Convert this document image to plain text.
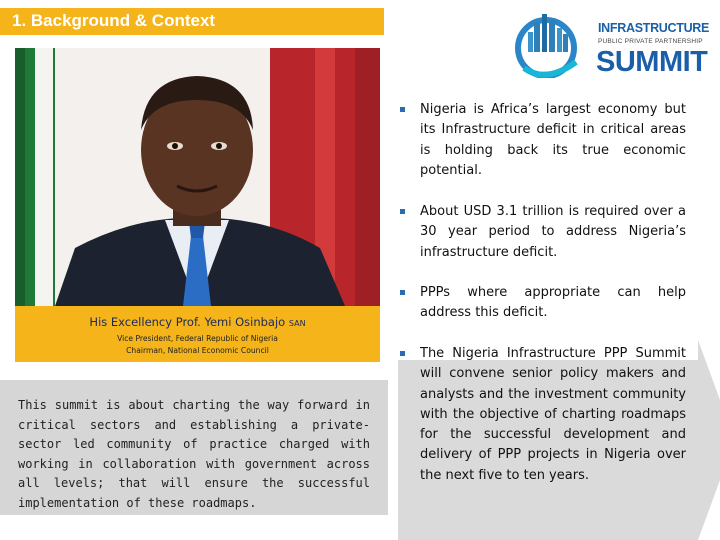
1. Background & Context	INFRASTRUCTURE
PUBLIC PRIVATE PARTNERSHIP
SUMMIT
His Excellency Prof. Yemi Osinbajo SAN
Vice President, Federal Republic of Nigeria
Chairman, National Economic Council
This summit is about charting the way forward in critical sectors and establishing a private-sector led community of practice charged with working in collaboration with government across all levels; that will ensure the successful implementation of these roadmaps.
Nigeria is Africa’s largest economy but its Infrastructure deficit in critical areas is holding back its true economic potential.
About USD 3.1 trillion is required over a 30 year period to address Nigeria’s infrastructure deficit.
PPPs where appropriate can help address this deficit.
The Nigeria Infrastructure PPP Summit will convene senior policy makers and analysts and the investment community with the objective of charting roadmaps for the successful development and delivery of PPP projects in Nigeria over the next five to ten years.
